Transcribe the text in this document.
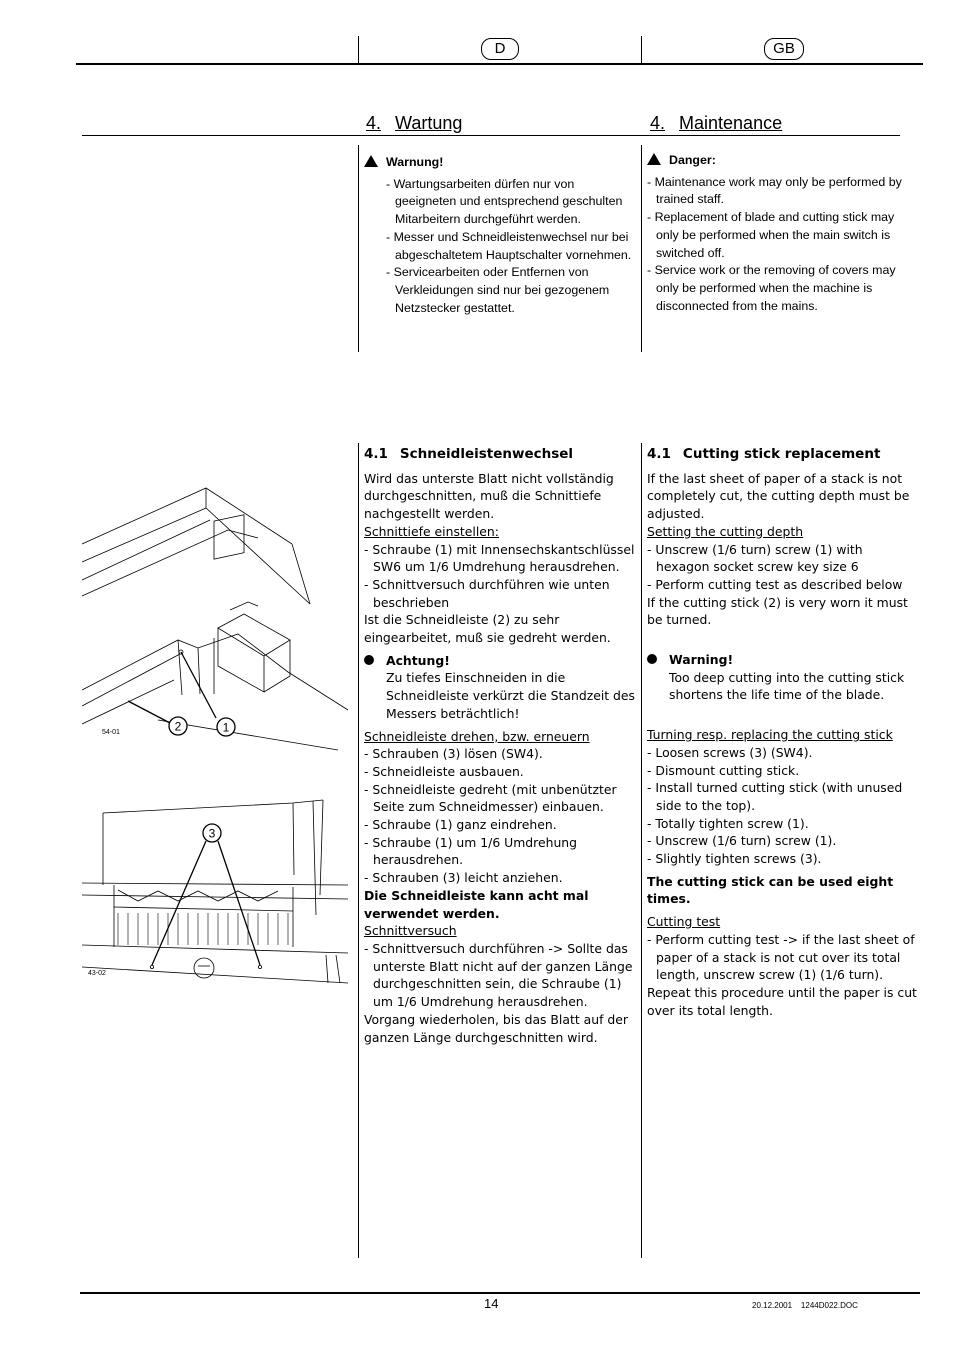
D	GB
4. Wartung	4. Maintenance
Warnung!
- Wartungsarbeiten dürfen nur von geeigneten und entsprechend geschulten Mitarbeitern durchgeführt werden.
- Messer und Schneidleistenwechsel nur bei abgeschaltetem Hauptschalter vornehmen.
- Servicearbeiten oder Entfernen von Verkleidungen sind nur bei gezogenem Netzstecker gestattet.
Danger:
- Maintenance work may only be performed by trained staff.
- Replacement of blade and cutting stick may only be performed when the main switch is switched off.
- Service work or the removing of covers may only be performed when the machine is disconnected from the mains.
4.1 Schneidleistenwechsel

Wird das unterste Blatt nicht vollständig durchgeschnitten, muß die Schnittiefe nachgestellt werden.

Schnittiefe einstellen:

- Schraube (1) mit Innensechskantschlüssel SW6 um 1/6 Umdrehung herausdrehen.
- Schnittversuch durchführen wie unten beschrieben

Ist die Schneidleiste (2) zu sehr eingearbeitet, muß sie gedreht werden.

Achtung!

Zu tiefes Einschneiden in die Schneidleiste verkürzt die Standzeit des Messers beträchtlich!

Schneidleiste drehen, bzw. erneuern

- Schrauben (3) lösen (SW4).
- Schneidleiste ausbauen.
- Schneidleiste gedreht (mit unbenützter Seite zum Schneidmesser) einbauen.
- Schraube (1) ganz eindrehen.
- Schraube (1) um 1/6 Umdrehung herausdrehen.
- Schrauben (3) leicht anziehen.

Die Schneidleiste kann acht mal verwendet werden.

Schnittversuch

- Schnittversuch durchführen -> Sollte das unterste Blatt nicht auf der ganzen Länge durchgeschnitten sein, die Schraube (1) um 1/6 Umdrehung herausdrehen.

Vorgang wiederholen, bis das Blatt auf der ganzen Länge durchgeschnitten wird.

4.1 Cutting stick replacement

If the last sheet of paper of a stack is not completely cut, the cutting depth must be adjusted.

Setting the cutting depth

- Unscrew (1/6 turn) screw (1) with hexagon socket screw key size 6
- Perform cutting test as described below

If the cutting stick (2) is very worn it must be turned.

Warning!

Too deep cutting into the cutting stick shortens the life time of the blade.

Turning resp. replacing the cutting stick

- Loosen screws (3) (SW4).
- Dismount cutting stick.
- Install turned cutting stick (with unused side to the top).
- Totally tighten screw (1).
- Unscrew (1/6 turn) screw (1).
- Slightly tighten screws (3).

The cutting stick can be used eight times.

Cutting test

- Perform cutting test -> if the last sheet of paper of a stack is not cut over its total length, unscrew screw (1) (1/6 turn).

Repeat this procedure until the paper is cut over its total length.

2	1
54-01
3
43-02
14	20.12.2001    1244D022.DOC
